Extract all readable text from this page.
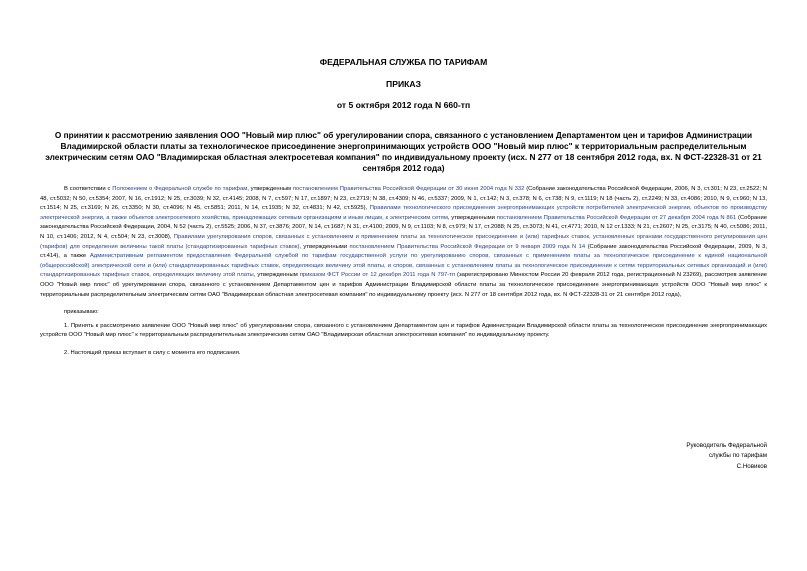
ФЕДЕРАЛЬНАЯ СЛУЖБА ПО ТАРИФАМ
ПРИКАЗ
от 5 октября 2012 года N 660-тп
О принятии к рассмотрению заявления ООО "Новый мир плюс" об урегулировании спора, связанного с установлением Департаментом цен и тарифов Администрации Владимирской области платы за технологическое присоединение энергопринимающих устройств ООО "Новый мир плюс" к территориальным распределительным электрическим сетям ОАО "Владимирская областная электросетевая компания" по индивидуальному проекту (исх. N 277 от 18 сентября 2012 года, вх. N ФСТ-22328-31 от 21 сентября 2012 года)

В соответствии с Положением о Федеральной службе по тарифам, утвержденным постановлением Правительства Российской Федерации от 30 июня 2004 года N 332 (Собрание законодательства Российской Федерации, 2006, N 3, ст.301; N 23, ст.2522; N 48, ст.5032; N 50, ст.5354; 2007, N 16, ст.1912; N 25, ст.3039; N 32, ст.4145; 2008, N 7, ст.597; N 17, ст.1897; N 23, ст.2719; N 38, ст.4309; N 46, ст.5337; 2009, N 1, ст.142; N 3, ст.378; N 6, ст.738; N 9, ст.1119; N 18 (часть 2), ст.2249; N 33, ст.4086; 2010, N 9, ст.960; N 13, ст.1514; N 25, ст.3169; N 26, ст.3350; N 30, ст.4096; N 45, ст.5851; 2011, N 14, ст.1935; N 32, ст.4831; N 42, ст.5925), Правилами технологического присоединения энергопринимающих устройств потребителей электрической энергии, объектов по производству электрической энергии, а также объектов электросетевого хозяйства, принадлежащих сетевым организациям и иным лицам, к электрическим сетям, утвержденными постановлением Правительства Российской Федерации от 27 декабря 2004 года N 861 (Собрание законодательства Российской Федерации, 2004, N 52 (часть 2), ст.5525; 2006, N 37, ст.3876; 2007, N 14, ст.1687; N 31, ст.4100; 2009, N 9, ст.1103; N 8, ст.979; N 17, ст.2088; N 25, ст.3073; N 41, ст.4771; 2010, N 12 ст.1333; N 21, ст.2607; N 25, ст.3175; N 40, ст.5086; 2011, N 10, ст.1406; 2012, N 4, ст.504; N 23, ст.3008), Правилами урегулирования споров, связанных с установлением и применением платы за технологическое присоединение и (или) тарифных ставок, установленных органами государственного регулирования цен (тарифов) для определения величины такой платы (стандартизированных тарифных ставок), утвержденными постановлением Правительства Российской Федерации от 9 января 2009 года N 14 (Собрание законодательства Российской Федерации, 2009, N 3, ст.414), а также Административным регламентом предоставления Федеральной службой по тарифам государственной услуги по урегулированию споров, связанных с применением платы за технологическое присоединение к единой национальной (общероссийской) электрической сети и (или) стандартизированных тарифных ставок, определяющих величину этой платы, и споров, связанных с установлением платы за технологическое присоединение к сетям территориальных сетевых организаций и (или) стандартизированных тарифных ставок, определяющих величину этой платы, утвержденным приказом ФСТ России от 12 декабря 2011 года N 797-тп (зарегистрировано Минюстом России 20 февраля 2012 года, регистрационный N 23269), рассмотрев заявление ООО "Новый мир плюс" об урегулировании спора, связанного с установлением Департаментом цен и тарифов Администрации Владимирской области платы за технологическое присоединение энергопринимающих устройств ООО "Новый мир плюс" к территориальным распределительным электрическим сетям ОАО "Владимирская областная электросетевая компания" по индивидуальному проекту (исх. N 277 от 18 сентября 2012 года, вх. N ФСТ-22328-31 от 21 сентября 2012 года),

приказываю:

1. Принять к рассмотрению заявление ООО "Новый мир плюс" об урегулировании спора, связанного с установлением Департаментом цен и тарифов Администрации Владимирской области платы за технологическое присоединение энергопринимающих устройств ООО "Новый мир плюс" к территориальным распределительным электрическим сетям ОАО "Владимирская областная электросетевая компания" по индивидуальному проекту.

2. Настоящий приказ вступает в силу с момента его подписания.

Руководитель Федеральной
службы по тарифам
С.Новиков
